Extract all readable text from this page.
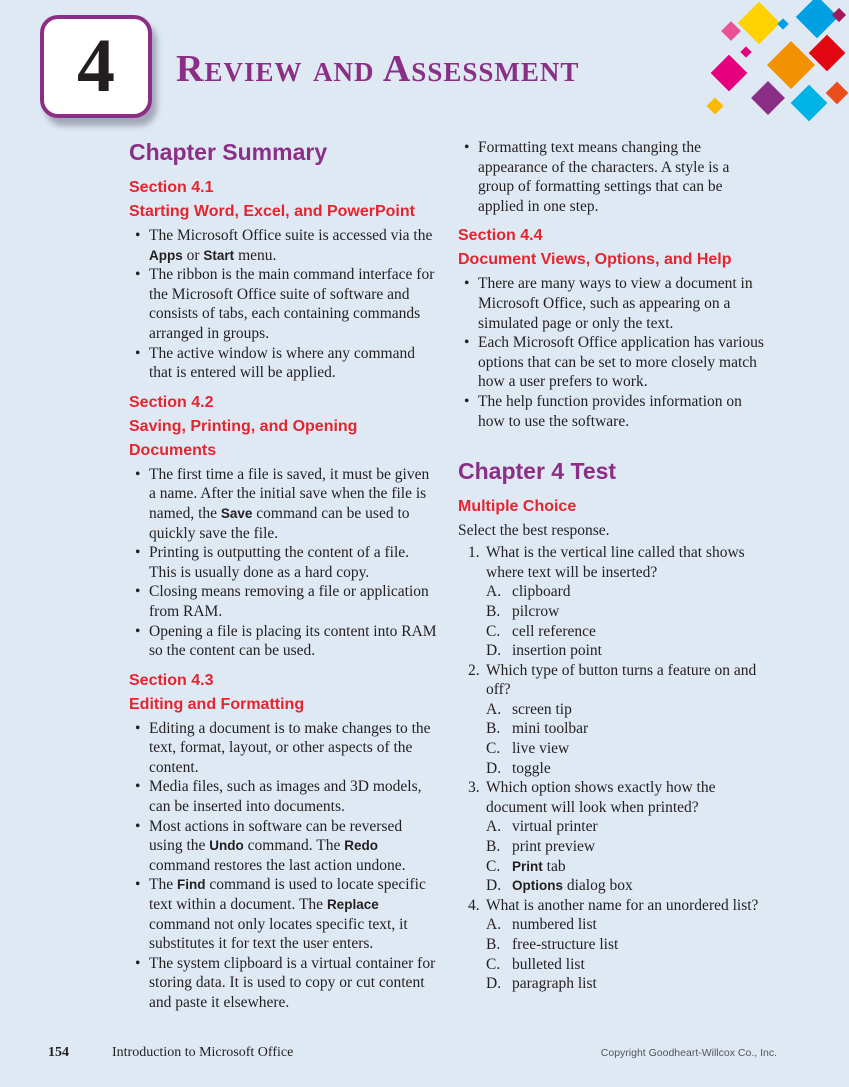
4 Review and Assessment
Chapter Summary
Section 4.1
Starting Word, Excel, and PowerPoint
• The Microsoft Office suite is accessed via the Apps or Start menu.
• The ribbon is the main command interface for the Microsoft Office suite of software and consists of tabs, each containing commands arranged in groups.
• The active window is where any command that is entered will be applied.
Section 4.2
Saving, Printing, and Opening Documents
• The first time a file is saved, it must be given a name. After the initial save when the file is named, the Save command can be used to quickly save the file.
• Printing is outputting the content of a file. This is usually done as a hard copy.
• Closing means removing a file or application from RAM.
• Opening a file is placing its content into RAM so the content can be used.
Section 4.3
Editing and Formatting
• Editing a document is to make changes to the text, format, layout, or other aspects of the content.
• Media files, such as images and 3D models, can be inserted into documents.
• Most actions in software can be reversed using the Undo command. The Redo command restores the last action undone.
• The Find command is used to locate specific text within a document. The Replace command not only locates specific text, it substitutes it for text the user enters.
• The system clipboard is a virtual container for storing data. It is used to copy or cut content and paste it elsewhere.
• Formatting text means changing the appearance of the characters. A style is a group of formatting settings that can be applied in one step.
Section 4.4
Document Views, Options, and Help
• There are many ways to view a document in Microsoft Office, such as appearing on a simulated page or only the text.
• Each Microsoft Office application has various options that can be set to more closely match how a user prefers to work.
• The help function provides information on how to use the software.
Chapter 4 Test
Multiple Choice
Select the best response.
1. What is the vertical line called that shows where text will be inserted?
A. clipboard
B. pilcrow
C. cell reference
D. insertion point
2. Which type of button turns a feature on and off?
A. screen tip
B. mini toolbar
C. live view
D. toggle
3. Which option shows exactly how the document will look when printed?
A. virtual printer
B. print preview
C. Print tab
D. Options dialog box
4. What is another name for an unordered list?
A. numbered list
B. free-structure list
C. bulleted list
D. paragraph list
154	Introduction to Microsoft Office	Copyright Goodheart-Willcox Co., Inc.
